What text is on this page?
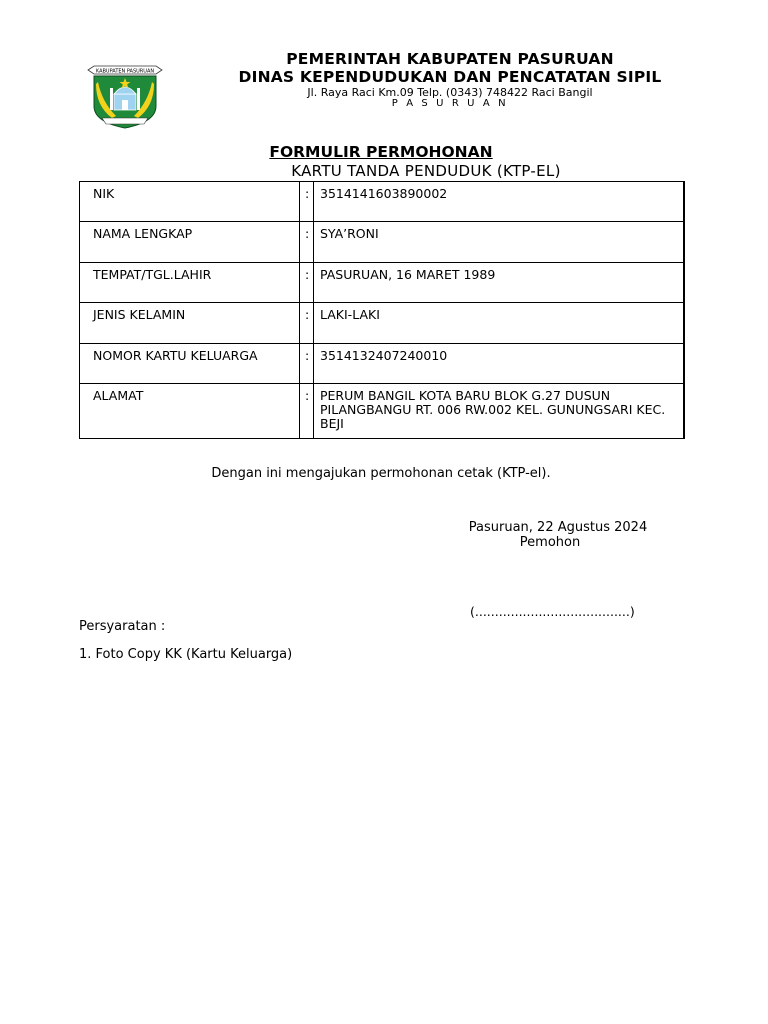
KABUPATEN PASURUAN
PEMERINTAH KABUPATEN PASURUAN
DINAS KEPENDUDUKAN DAN PENCATATAN SIPIL
Jl. Raya Raci Km.09 Telp. (0343) 748422 Raci Bangil
P A S U R U A N
FORMULIR PERMOHONAN
KARTU TANDA PENDUDUK (KTP-EL)
NIK	:	3514141603890002
NAMA LENGKAP	:	SYA’RONI
TEMPAT/TGL.LAHIR	:	PASURUAN, 16 MARET 1989
JENIS KELAMIN	:	LAKI-LAKI
NOMOR KARTU KELUARGA	:	3514132407240010
ALAMAT	:	PERUM BANGIL KOTA BARU BLOK G.27 DUSUN PILANGBANGU RT. 006 RW.002 KEL. GUNUNGSARI KEC. BEJI
Dengan ini mengajukan permohonan cetak (KTP-el).
Pasuruan, 22 Agustus 2024
Pemohon
(.......................................)
Persyaratan :
1. Foto Copy KK (Kartu Keluarga)
